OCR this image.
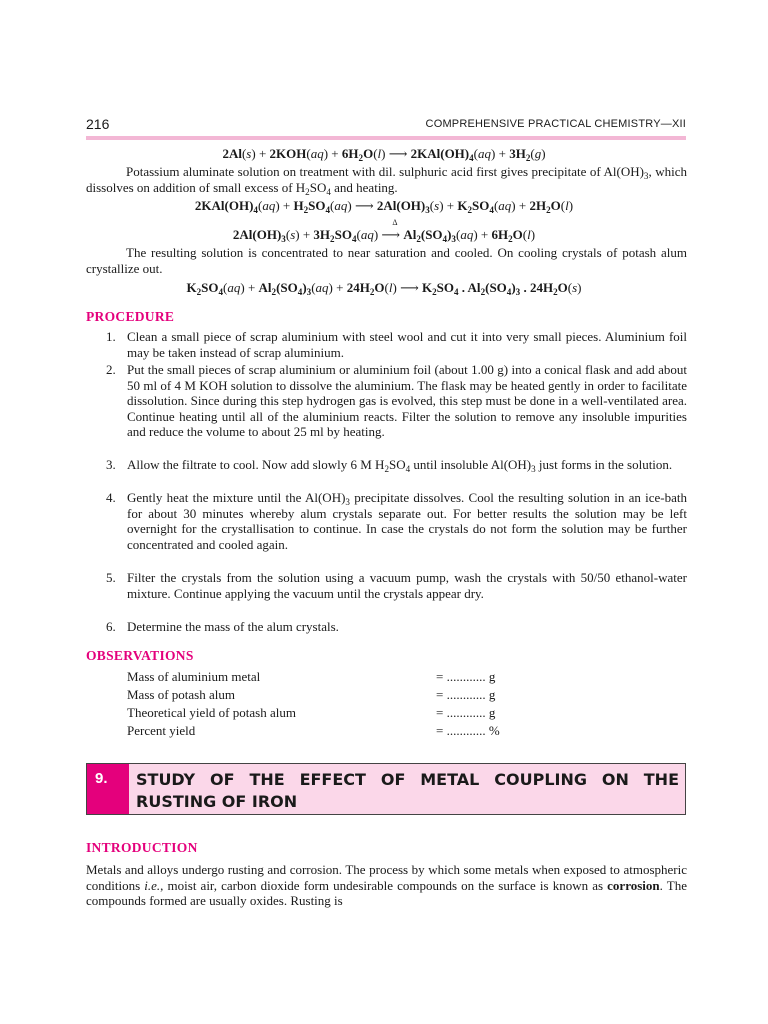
216	COMPREHENSIVE PRACTICAL CHEMISTRY—XII
$2Al(s) + 2KOH(aq) + 6H_2O(l)$ ⟶ $2KAl(OH)_4(aq) + 3H_2(g)$
Potassium aluminate solution on treatment with dil. sulphuric acid first gives precipitate of $Al(OH)_3$, which dissolves on addition of small excess of $H_2SO_4$ and heating.
$2KAl(OH)_4(aq) + H_2SO_4(aq)$ ⟶ $2Al(OH)_3(s) + K_2SO_4(aq) + 2H_2O(l)$
$2Al(OH)_3(s) + 3H_2SO_4(aq)$
Δ
⟶ $Al_2(SO_4)_3(aq) + 6H_2O(l)$
The resulting solution is concentrated to near saturation and cooled. On cooling crystals of potash alum crystallize out.
$K_2SO_4(aq) + Al_2(SO_4)_3(aq) + 24H_2O(l)$ ⟶ $K_2SO_4$ . $Al_2(SO_4)_3$ . $24H_2O(s)$
PROCEDURE
1. Clean a small piece of scrap aluminium with steel wool and cut it into very small pieces. Aluminium foil may be taken instead of scrap aluminium.
2. Put the small pieces of scrap aluminium or aluminium foil (about 1.00 g) into a conical flask and add about 50 ml of 4 M KOH solution to dissolve the aluminium. The flask may be heated gently in order to facilitate dissolution. Since during this step hydrogen gas is evolved, this step must be done in a well-ventilated area. Continue heating until all of the aluminium reacts. Filter the solution to remove any insoluble impurities and reduce the volume to about 25 ml by heating.
3. Allow the filtrate to cool. Now add slowly 6 M $H_2SO_4$ until insoluble $Al(OH)_3$ just forms in the solution.
4. Gently heat the mixture until the $Al(OH)_3$ precipitate dissolves. Cool the resulting solution in an ice-bath for about 30 minutes whereby alum crystals separate out. For better results the solution may be left overnight for the crystallisation to continue. In case the crystals do not form the solution may be further concentrated and cooled again.
5. Filter the crystals from the solution using a vacuum pump, wash the crystals with 50/50 ethanol-water mixture. Continue applying the vacuum until the crystals appear dry.
6. Determine the mass of the alum crystals.
OBSERVATIONS
Mass of aluminium metal	= ............ g
Mass of potash alum	= ............ g
Theoretical yield of potash alum	= ............ g
Percent yield	= ............ %
9. STUDY OF THE EFFECT OF METAL COUPLING ON THE RUSTING OF IRON
INTRODUCTION
Metals and alloys undergo rusting and corrosion. The process by which some metals when exposed to atmospheric conditions i.e., moist air, carbon dioxide form undesirable compounds on the surface is known as corrosion. The compounds formed are usually oxides. Rusting is
